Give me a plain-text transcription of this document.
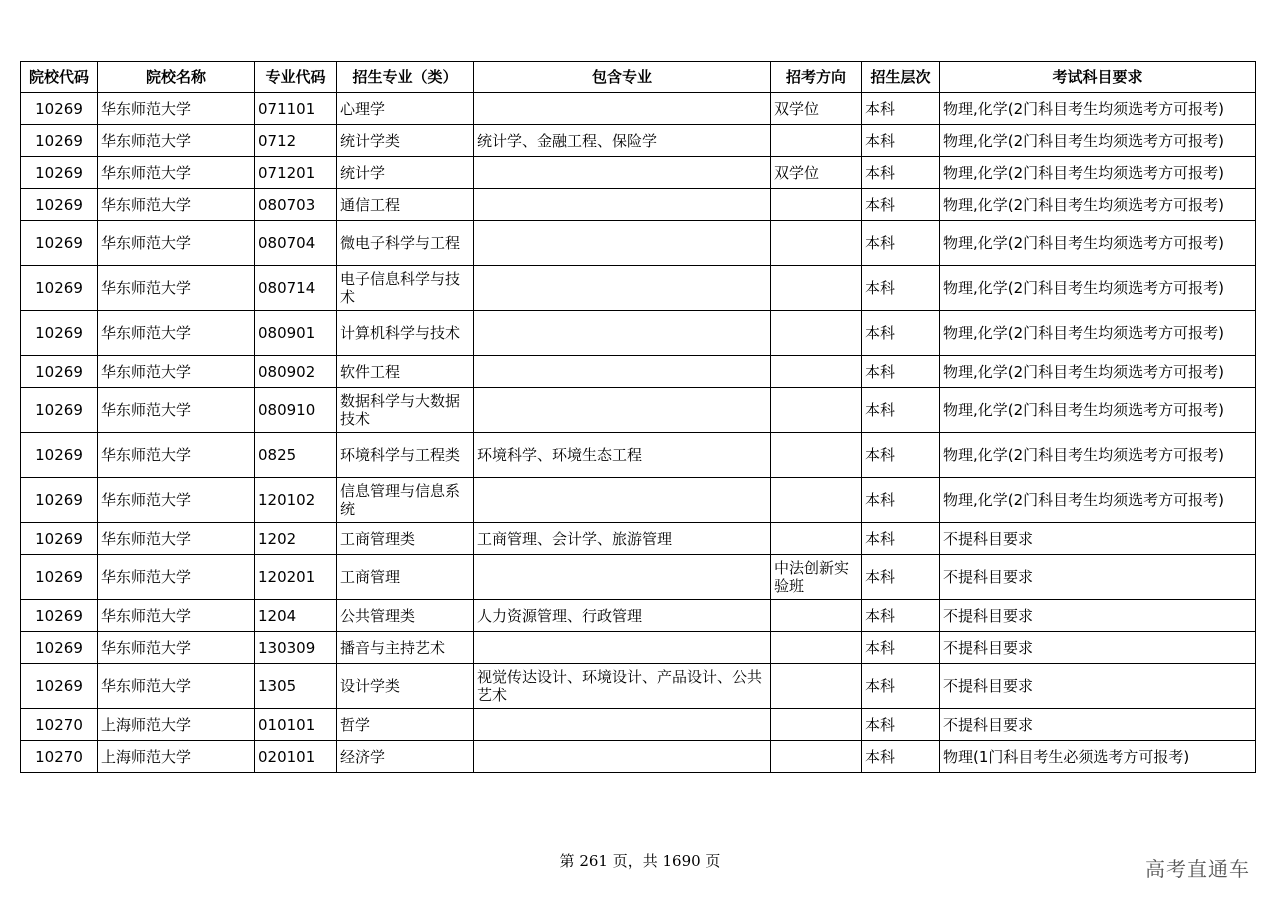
院校代码	院校名称	专业代码	招生专业（类）	包含专业	招考方向	招生层次	考试科目要求
10269	华东师范大学	071101	心理学		双学位	本科	物理,化学(2门科目考生均须选考方可报考)
10269	华东师范大学	0712	统计学类	统计学、金融工程、保险学		本科	物理,化学(2门科目考生均须选考方可报考)
10269	华东师范大学	071201	统计学		双学位	本科	物理,化学(2门科目考生均须选考方可报考)
10269	华东师范大学	080703	通信工程			本科	物理,化学(2门科目考生均须选考方可报考)
10269	华东师范大学	080704	微电子科学与工程			本科	物理,化学(2门科目考生均须选考方可报考)
10269	华东师范大学	080714	电子信息科学与技术			本科	物理,化学(2门科目考生均须选考方可报考)
10269	华东师范大学	080901	计算机科学与技术			本科	物理,化学(2门科目考生均须选考方可报考)
10269	华东师范大学	080902	软件工程			本科	物理,化学(2门科目考生均须选考方可报考)
10269	华东师范大学	080910	数据科学与大数据技术			本科	物理,化学(2门科目考生均须选考方可报考)
10269	华东师范大学	0825	环境科学与工程类	环境科学、环境生态工程		本科	物理,化学(2门科目考生均须选考方可报考)
10269	华东师范大学	120102	信息管理与信息系统			本科	物理,化学(2门科目考生均须选考方可报考)
10269	华东师范大学	1202	工商管理类	工商管理、会计学、旅游管理		本科	不提科目要求
10269	华东师范大学	120201	工商管理		中法创新实验班	本科	不提科目要求
10269	华东师范大学	1204	公共管理类	人力资源管理、行政管理		本科	不提科目要求
10269	华东师范大学	130309	播音与主持艺术			本科	不提科目要求
10269	华东师范大学	1305	设计学类	视觉传达设计、环境设计、产品设计、公共艺术		本科	不提科目要求
10270	上海师范大学	010101	哲学			本科	不提科目要求
10270	上海师范大学	020101	经济学			本科	物理(1门科目考生必须选考方可报考)
第 261 页，共 1690 页	高考直通车
